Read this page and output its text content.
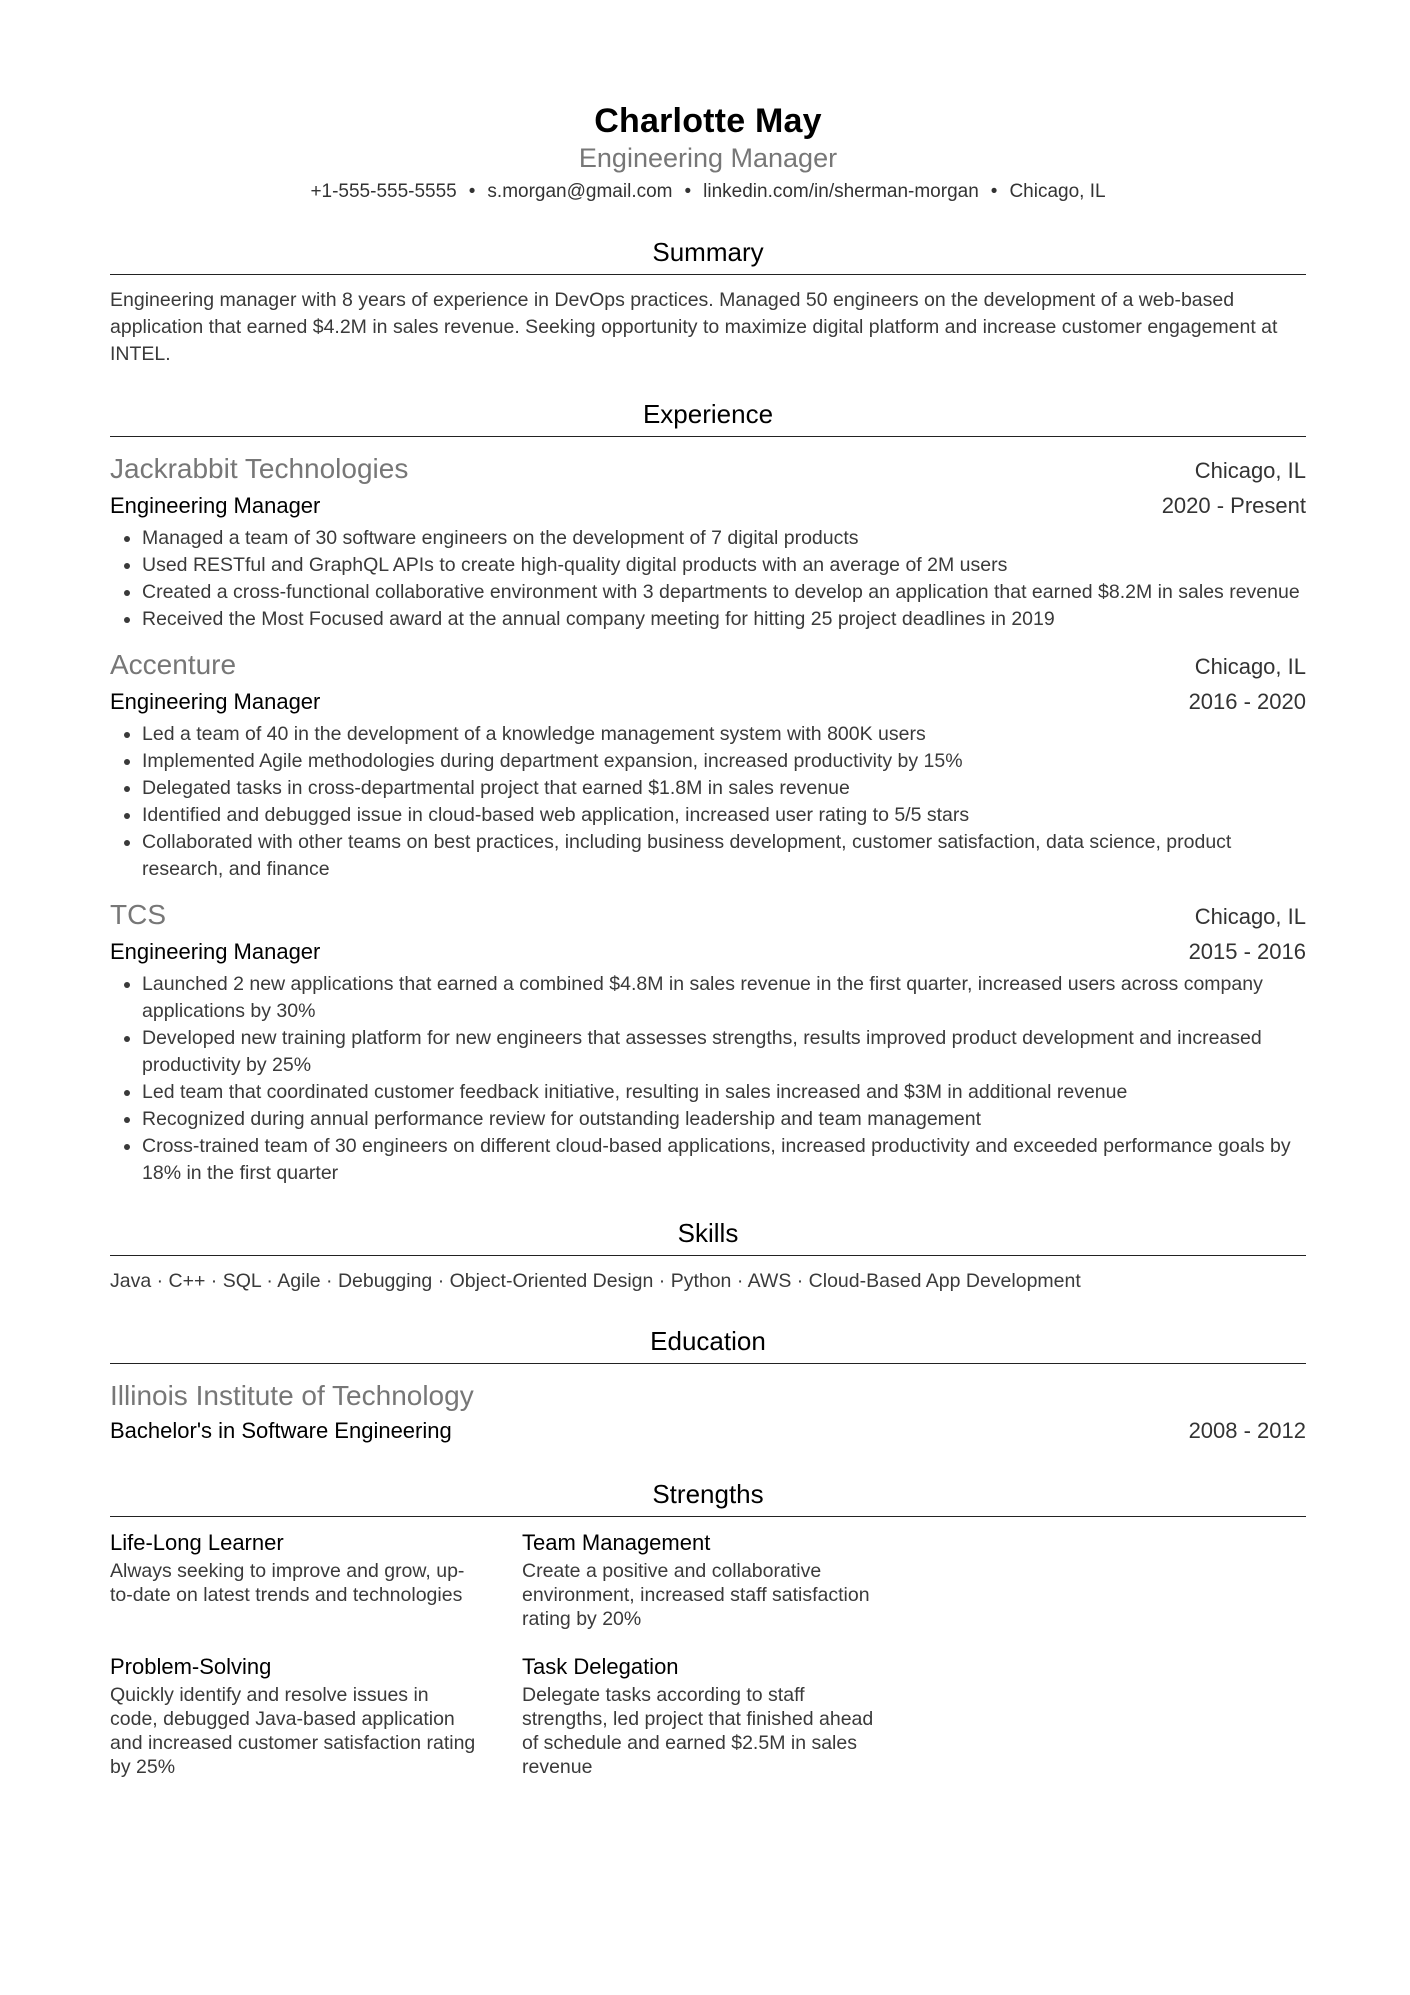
Charlotte May
Engineering Manager
+1-555-555-5555 • s.morgan@gmail.com • linkedin.com/in/sherman-morgan • Chicago, IL
Summary
Engineering manager with 8 years of experience in DevOps practices. Managed 50 engineers on the development of a web-based application that earned $4.2M in sales revenue. Seeking opportunity to maximize digital platform and increase customer engagement at INTEL.
Experience
Jackrabbit Technologies	Chicago, IL
Engineering Manager	2020 - Present
• Managed a team of 30 software engineers on the development of 7 digital products
• Used RESTful and GraphQL APIs to create high-quality digital products with an average of 2M users
• Created a cross-functional collaborative environment with 3 departments to develop an application that earned $8.2M in sales revenue
• Received the Most Focused award at the annual company meeting for hitting 25 project deadlines in 2019
Accenture	Chicago, IL
Engineering Manager	2016 - 2020
• Led a team of 40 in the development of a knowledge management system with 800K users
• Implemented Agile methodologies during department expansion, increased productivity by 15%
• Delegated tasks in cross-departmental project that earned $1.8M in sales revenue
• Identified and debugged issue in cloud-based web application, increased user rating to 5/5 stars
• Collaborated with other teams on best practices, including business development, customer satisfaction, data science, product research, and finance
TCS	Chicago, IL
Engineering Manager	2015 - 2016
• Launched 2 new applications that earned a combined $4.8M in sales revenue in the first quarter, increased users across company applications by 30%
• Developed new training platform for new engineers that assesses strengths, results improved product development and increased productivity by 25%
• Led team that coordinated customer feedback initiative, resulting in sales increased and $3M in additional revenue
• Recognized during annual performance review for outstanding leadership and team management
• Cross-trained team of 30 engineers on different cloud-based applications, increased productivity and exceeded performance goals by 18% in the first quarter
Skills
Java · C++ · SQL · Agile · Debugging · Object-Oriented Design · Python · AWS · Cloud-Based App Development
Education
Illinois Institute of Technology
Bachelor's in Software Engineering	2008 - 2012
Strengths
Life-Long Learner
Always seeking to improve and grow, up-to-date on latest trends and technologies
Team Management
Create a positive and collaborative environment, increased staff satisfaction rating by 20%
Problem-Solving
Quickly identify and resolve issues in code, debugged Java-based application and increased customer satisfaction rating by 25%
Task Delegation
Delegate tasks according to staff strengths, led project that finished ahead of schedule and earned $2.5M in sales revenue
